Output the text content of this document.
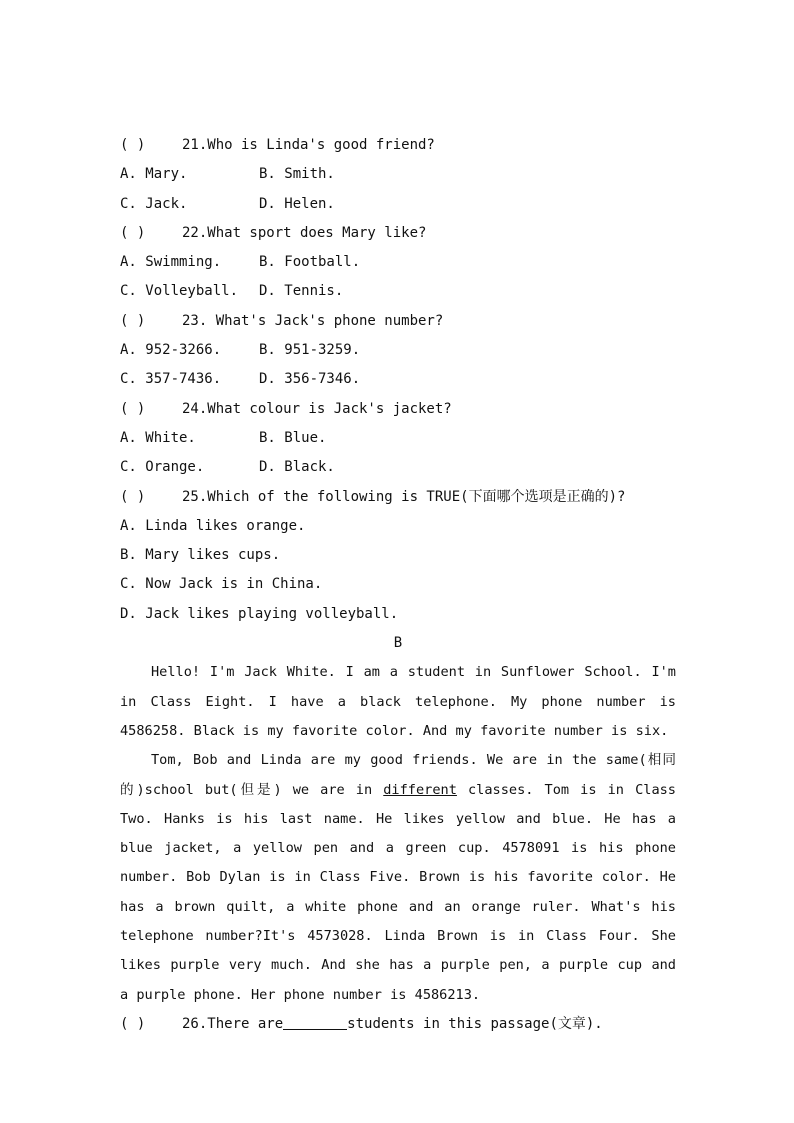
( )	21.Who is Linda's good friend?
A. Mary.	B. Smith.
C. Jack.	D. Helen.
( )	22.What sport does Mary like?
A. Swimming.	B. Football.
C. Volleyball.	D. Tennis.
( )	23. What's Jack's phone number?
A. 952-3266.	B. 951-3259.
C. 357-7436.	D. 356-7346.
( )	24.What colour is Jack's jacket?
A. White.	B. Blue.
C. Orange.	D. Black.
( )	25.Which of the following is TRUE(下面哪个选项是正确的)?
A. Linda likes orange.
B. Mary likes cups.
C. Now Jack is in China.
D. Jack likes playing volleyball.
B

Hello! I'm Jack White. I am a student in Sunflower School. I'm in Class Eight. I have a black telephone. My phone number is 4586258. Black is my favorite color. And my favorite number is six.

Tom, Bob and Linda are my good friends. We are in the same(相同的)school but(但是) we are in different classes. Tom is in Class Two. Hanks is his last name. He likes yellow and blue. He has a blue jacket, a yellow pen and a green cup. 4578091 is his phone number. Bob Dylan is in Class Five. Brown is his favorite color. He has a brown quilt, a white phone and an orange ruler. What's his telephone number?It's 4573028. Linda Brown is in Class Four. She likes purple very much. And she has a purple pen, a purple cup and a purple phone. Her phone number is 4586213.

( )	26.There are	students in this passage(文章).
